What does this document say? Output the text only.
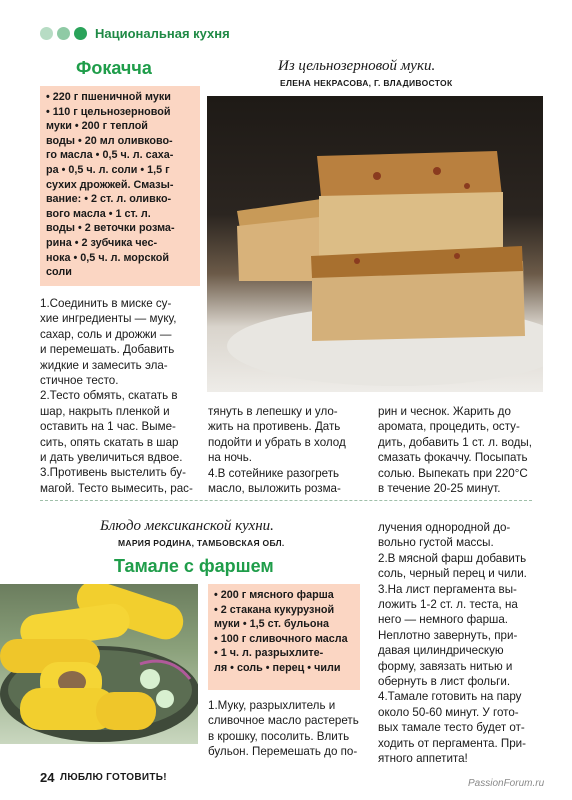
Национальная кухня
Фокачча	Из цельнозерновой муки.
ЕЛЕНА НЕКРАСОВА, Г. ВЛАДИВОСТОК
• 220 г пшеничной муки
• 110 г цельнозерновой
муки • 200 г теплой
воды • 20 мл оливково-
го масла • 0,5 ч. л. саха-
ра • 0,5 ч. л. соли • 1,5 г
сухих дрожжей. Смазы-
вание: • 2 ст. л. оливко-
вого масла • 1 ст. л.
воды • 2 веточки розма-
рина • 2 зубчика чес-
нока • 0,5 ч. л. морской
соли
1.Соединить в миске су-
хие ингредиенты — муку,
сахар, соль и дрожжи —
и перемешать. Добавить
жидкие и замесить эла-
стичное тесто.
2.Тесто обмять, скатать в
шар, накрыть пленкой и
оставить на 1 час. Выме-
сить, опять скатать в шар
и дать увеличиться вдвое.
3.Противень выстелить бу-
магой. Тесто вымесить, рас-
тянуть в лепешку и уло-
жить на противень. Дать
подойти и убрать в холод
на ночь.
4.В сотейнике разогреть
масло, выложить розма-
рин и чеснок. Жарить до
аромата, процедить, осту-
дить, добавить 1 ст. л. воды,
смазать фокаччу. Посыпать
солью. Выпекать при 220°С
в течение 20-25 минут.
Блюдо мексиканской кухни.
МАРИЯ РОДИНА, ТАМБОВСКАЯ ОБЛ.
Тамале с фаршем
• 200 г мясного фарша
• 2 стакана кукурузной
муки • 1,5 ст. бульона
• 100 г сливочного масла
• 1 ч. л. разрыхлите-
ля • соль • перец • чили
1.Муку, разрыхлитель и
сливочное масло растереть
в крошку, посолить. Влить
бульон. Перемешать до по-
лучения однородной до-
вольно густой массы.
2.В мясной фарш добавить
соль, черный перец и чили.
3.На лист пергамента вы-
ложить 1-2 ст. л. теста, на
него — немного фарша.
Неплотно завернуть, при-
давая цилиндрическую
форму, завязать нитью и
обернуть в лист фольги.
4.Тамале готовить на пару
около 50-60 минут. У гото-
вых тамале тесто будет от-
ходить от пергамента. При-
ятного аппетита!
24 ЛЮБЛЮ ГОТОВИТЬ!
PassionForum.ru
